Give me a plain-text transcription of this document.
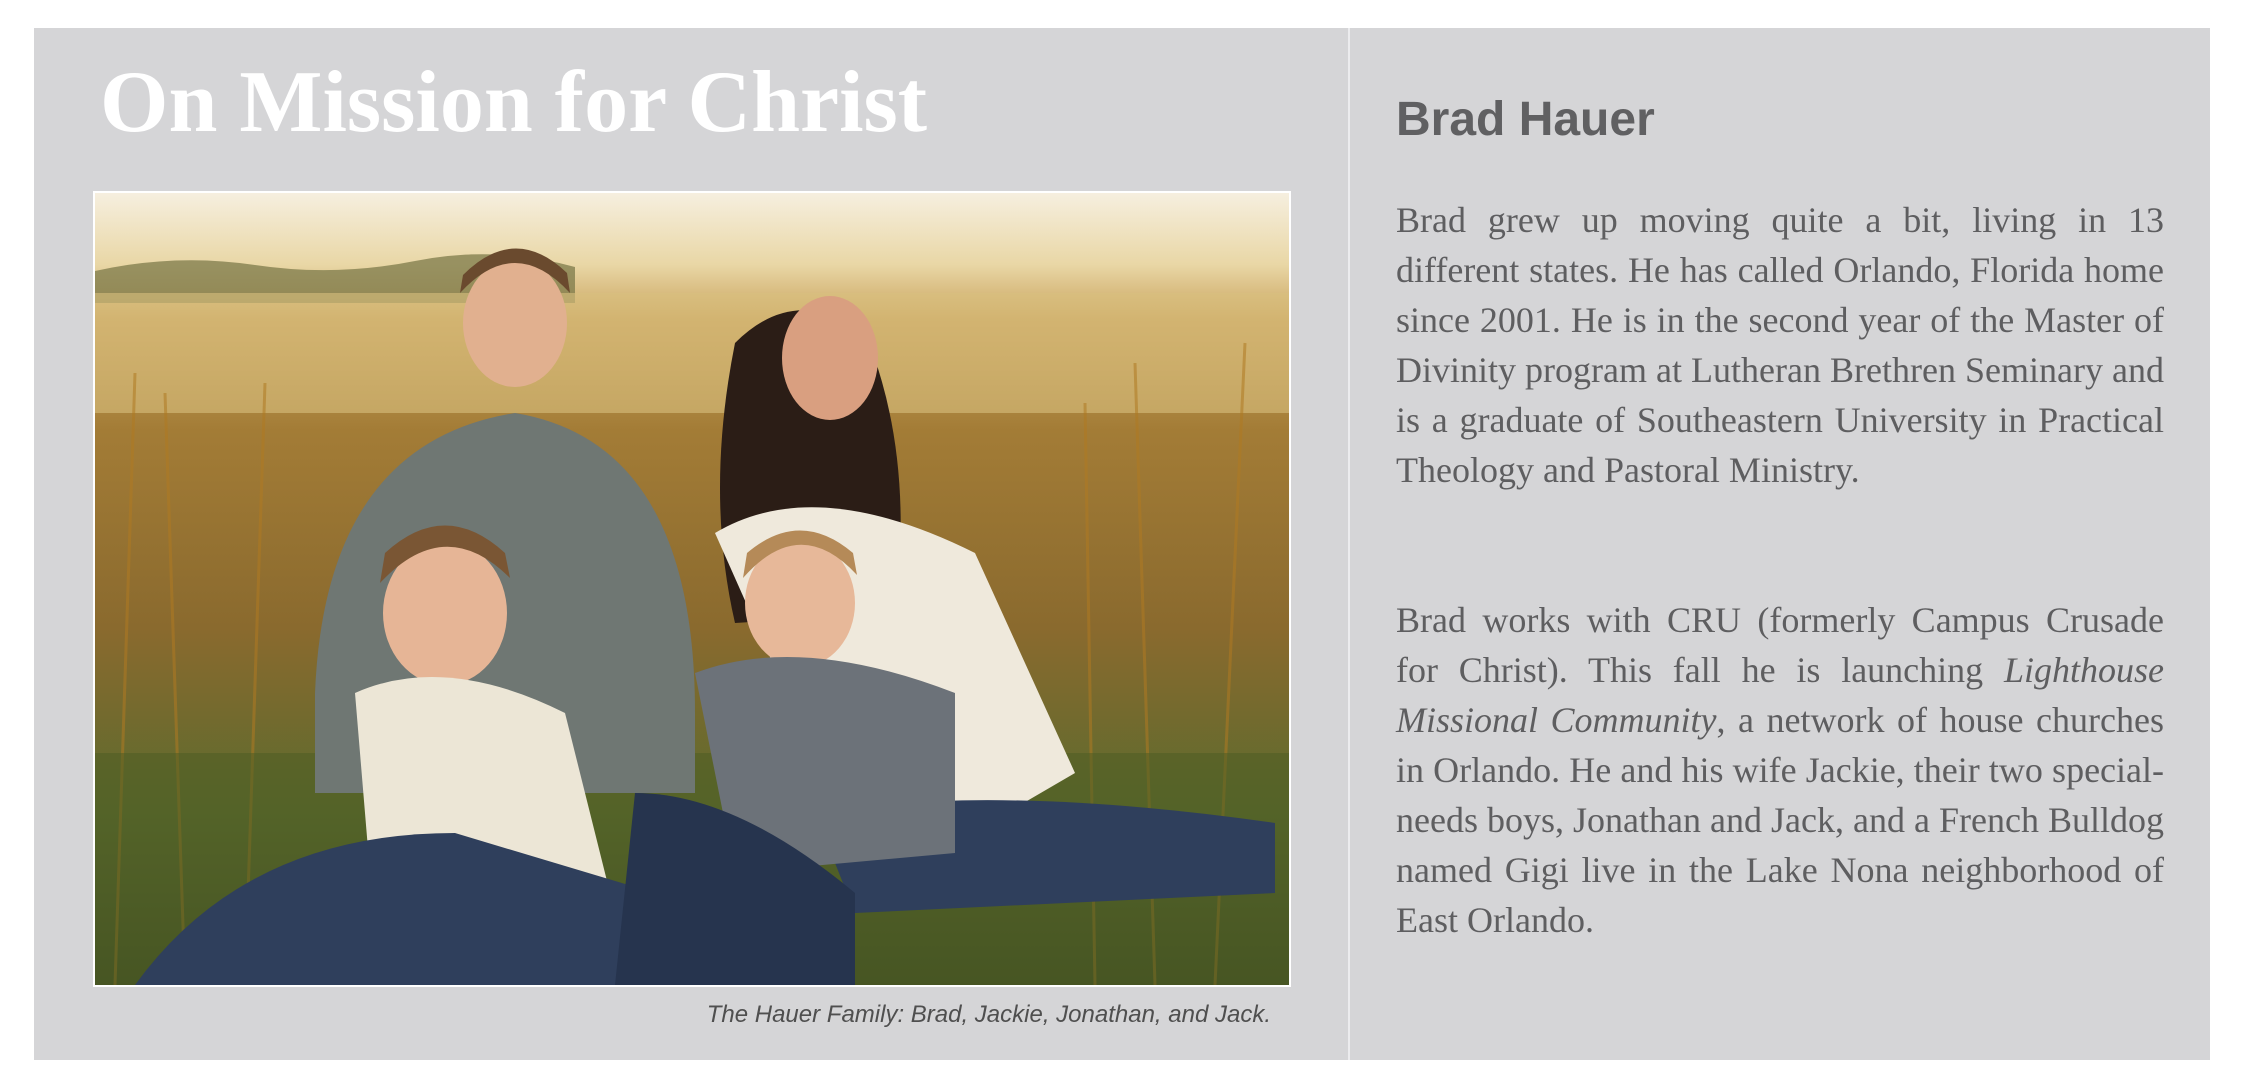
On Mission for Christ

The Hauer Family: Brad, Jackie, Jonathan, and Jack.

Brad Hauer

Brad grew up moving quite a bit, living in 13 different states. He has called Orlando, Florida home since 2001. He is in the second year of the Master of Divinity program at Lutheran Brethren Seminary and is a graduate of Southeastern University in Practical Theology and Pastoral Ministry.

Brad works with CRU (formerly Campus Crusade for Christ). This fall he is launching Lighthouse Missional Community, a network of house churches in Orlando. He and his wife Jackie, their two special-needs boys, Jonathan and Jack, and a French Bulldog named Gigi live in the Lake Nona neighborhood of East Orlando.
